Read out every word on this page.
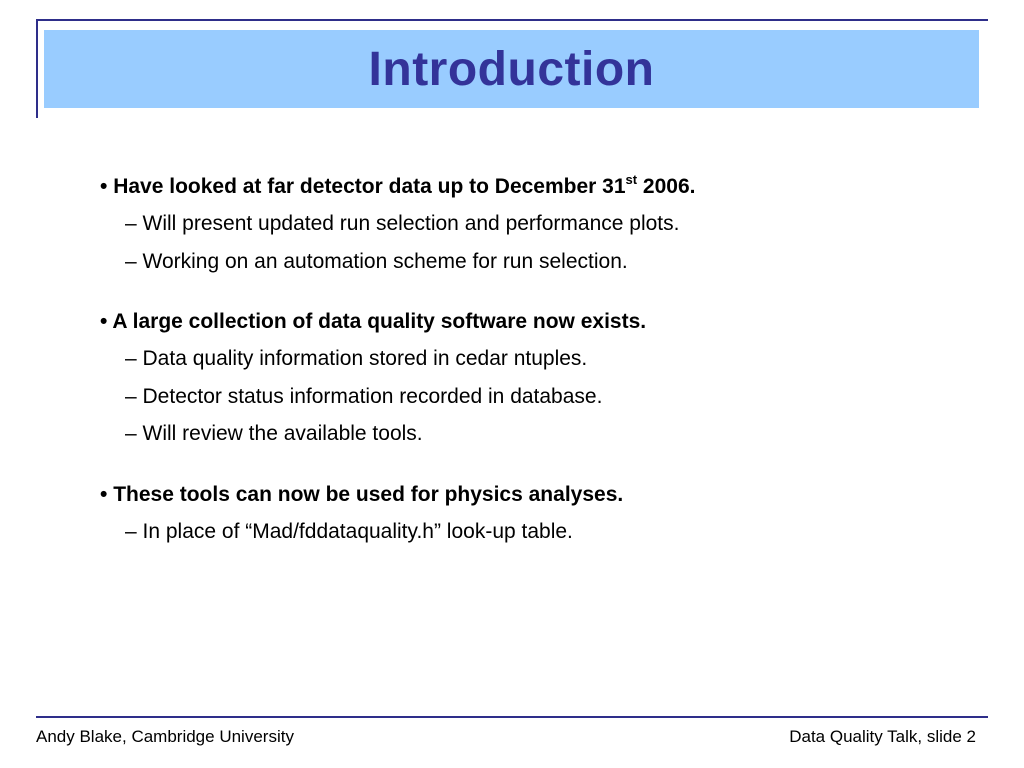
Introduction
• Have looked at far detector data up to December 31st 2006.
– Will present updated run selection and performance plots.
– Working on an automation scheme for run selection.
• A large collection of data quality software now exists.
– Data quality information stored in cedar ntuples.
– Detector status information recorded in database.
– Will review the available tools.
• These tools can now be used for physics analyses.
– In place of “Mad/fddataquality.h” look-up table.
Andy Blake, Cambridge University	Data Quality Talk, slide 2
